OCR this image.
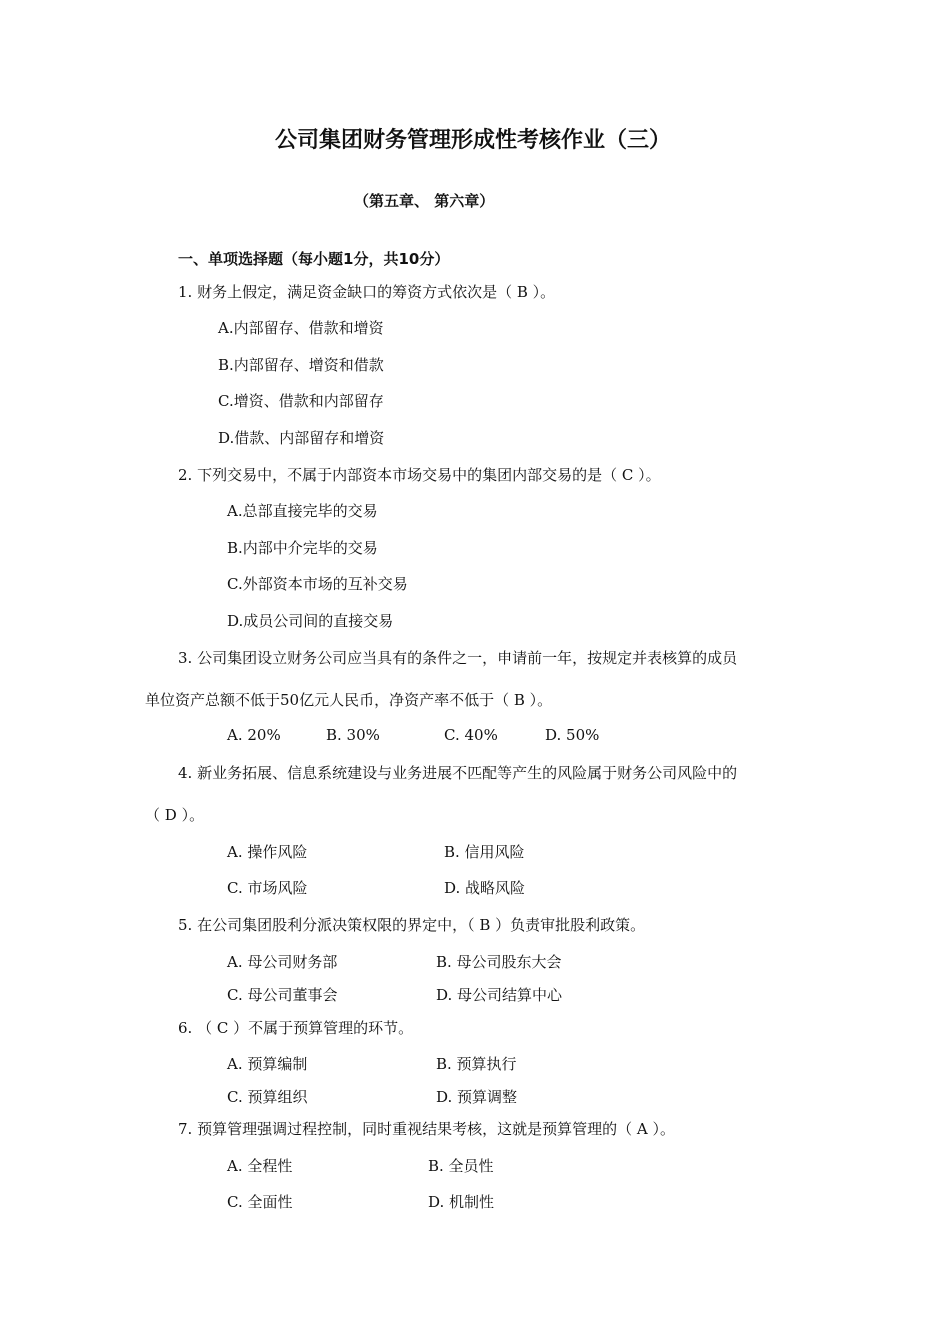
公司集团财务管理形成性考核作业（三）
（第五章、 第六章）
一、单项选择题（每小题1分，共10分）
1. 财务上假定，满足资金缺口的筹资方式依次是（ B ）。
A.内部留存、借款和增资
B.内部留存、增资和借款
C.增资、借款和内部留存
D.借款、内部留存和增资
2. 下列交易中，不属于内部资本市场交易中的集团内部交易的是（ C ）。
A.总部直接完毕的交易
B.内部中介完毕的交易
C.外部资本市场的互补交易
D.成员公司间的直接交易
3. 公司集团设立财务公司应当具有的条件之一，申请前一年，按规定并表核算的成员
单位资产总额不低于50亿元人民币，净资产率不低于（ B ）。
A. 20%	B. 30%	C. 40%	D. 50%
4. 新业务拓展、信息系统建设与业务进展不匹配等产生的风险属于财务公司风险中的
（ D ）。
A. 操作风险	B. 信用风险
C. 市场风险	D. 战略风险
5. 在公司集团股利分派决策权限的界定中，（ B ）负责审批股利政策。
A. 母公司财务部	B. 母公司股东大会
C. 母公司董事会	D. 母公司结算中心
6. （ C ）不属于预算管理的环节。
A. 预算编制	B. 预算执行
C. 预算组织	D. 预算调整
7. 预算管理强调过程控制，同时重视结果考核，这就是预算管理的（ A ）。
A. 全程性	B. 全员性
C. 全面性	D. 机制性
